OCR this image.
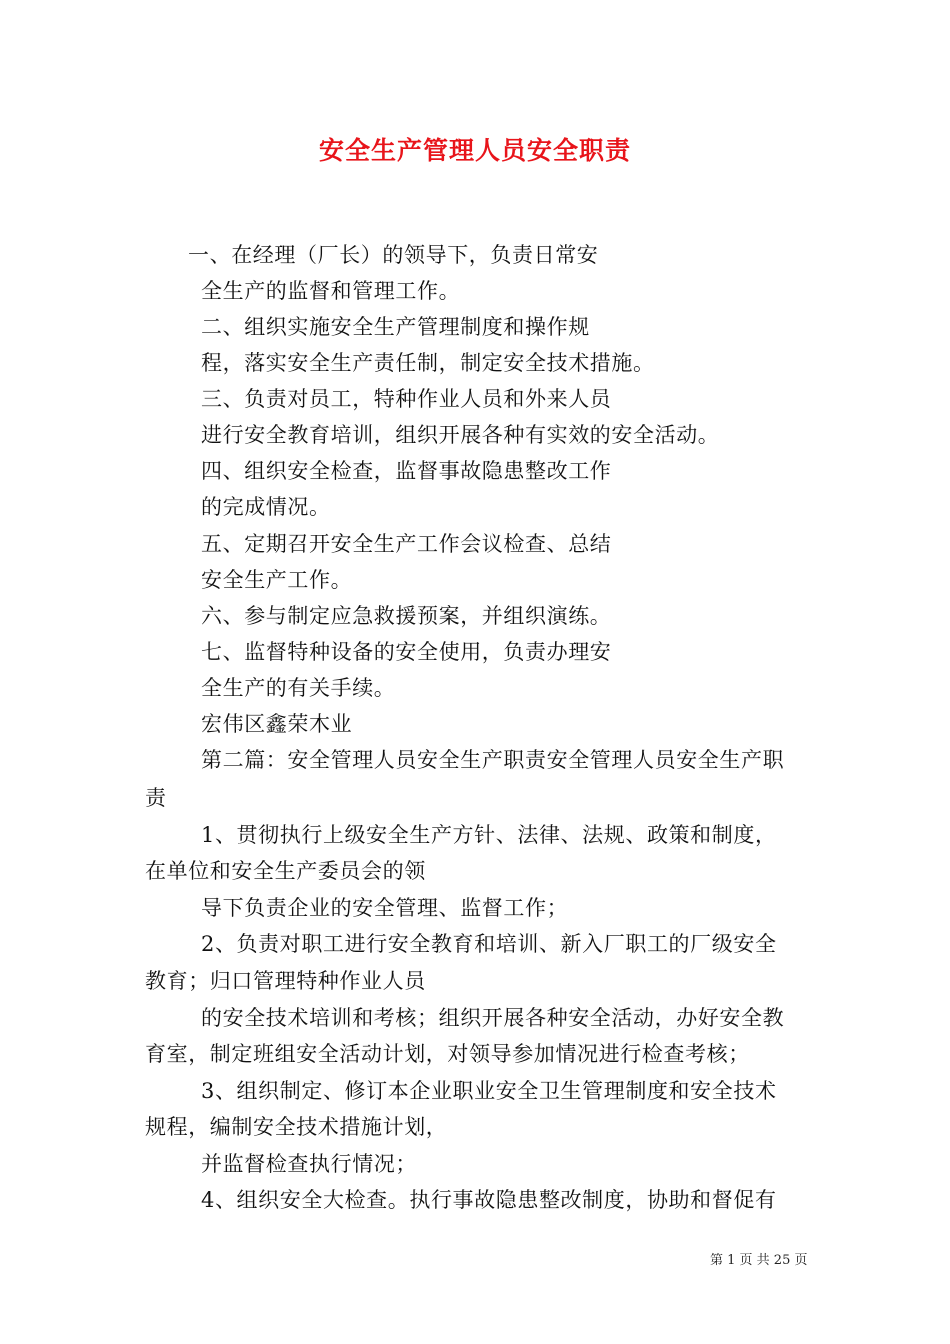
安全生产管理人员安全职责

一、在经理（厂长）的领导下，负责日常安

全生产的监督和管理工作。

二、组织实施安全生产管理制度和操作规

程，落实安全生产责任制，制定安全技术措施。

三、负责对员工，特种作业人员和外来人员

进行安全教育培训，组织开展各种有实效的安全活动。

四、组织安全检查，监督事故隐患整改工作

的完成情况。

五、定期召开安全生产工作会议检查、总结

安全生产工作。

六、参与制定应急救援预案，并组织演练。

七、监督特种设备的安全使用，负责办理安

全生产的有关手续。

宏伟区鑫荣木业

第二篇：安全管理人员安全生产职责安全管理人员安全生产职

责

1、贯彻执行上级安全生产方针、法律、法规、政策和制度，

在单位和安全生产委员会的领

导下负责企业的安全管理、监督工作；

2、负责对职工进行安全教育和培训、新入厂职工的厂级安全

教育；归口管理特种作业人员

的安全技术培训和考核；组织开展各种安全活动，办好安全教

育室，制定班组安全活动计划，对领导参加情况进行检查考核；

3、组织制定、修订本企业职业安全卫生管理制度和安全技术

规程，编制安全技术措施计划，

并监督检查执行情况；

4、组织安全大检查。执行事故隐患整改制度，协助和督促有

第 1 页 共 25 页
